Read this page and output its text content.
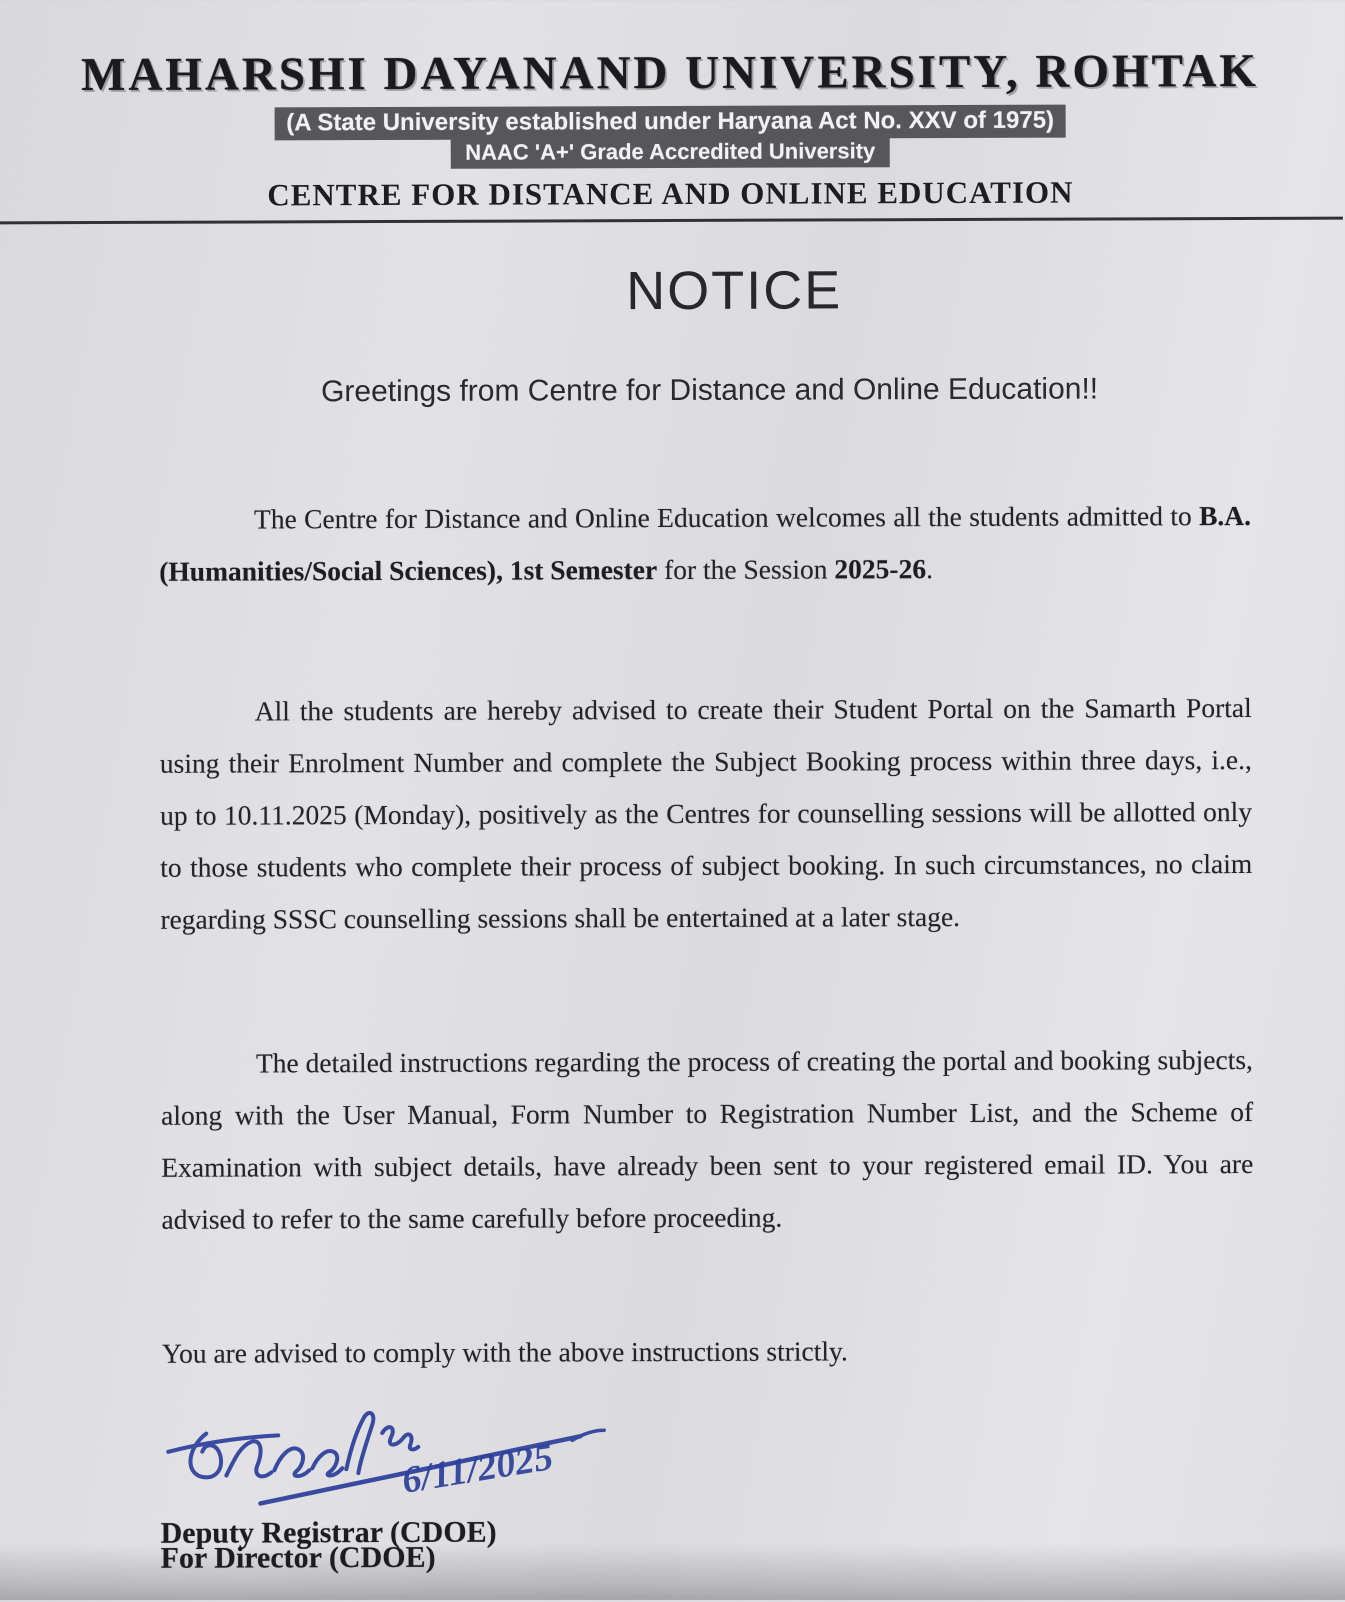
MAHARSHI DAYANAND UNIVERSITY, ROHTAK
(A State University established under Haryana Act No. XXV of 1975)
NAAC 'A+' Grade Accredited University
CENTRE FOR DISTANCE AND ONLINE EDUCATION
NOTICE
Greetings from Centre for Distance and Online Education!!

The Centre for Distance and Online Education welcomes all the students admitted to B.A. (Humanities/Social Sciences), 1st Semester for the Session 2025-26.

All the students are hereby advised to create their Student Portal on the Samarth Portal using their Enrolment Number and complete the Subject Booking process within three days, i.e., up to 10.11.2025 (Monday), positively as the Centres for counselling sessions will be allotted only to those students who complete their process of subject booking. In such circumstances, no claim regarding SSSC counselling sessions shall be entertained at a later stage.

The detailed instructions regarding the process of creating the portal and booking subjects, along with the User Manual, Form Number to Registration Number List, and the Scheme of Examination with subject details, have already been sent to your registered email ID. You are advised to refer to the same carefully before proceeding.

You are advised to comply with the above instructions strictly.

6/11/2025
Deputy Registrar (CDOE)
For Director (CDOE)
